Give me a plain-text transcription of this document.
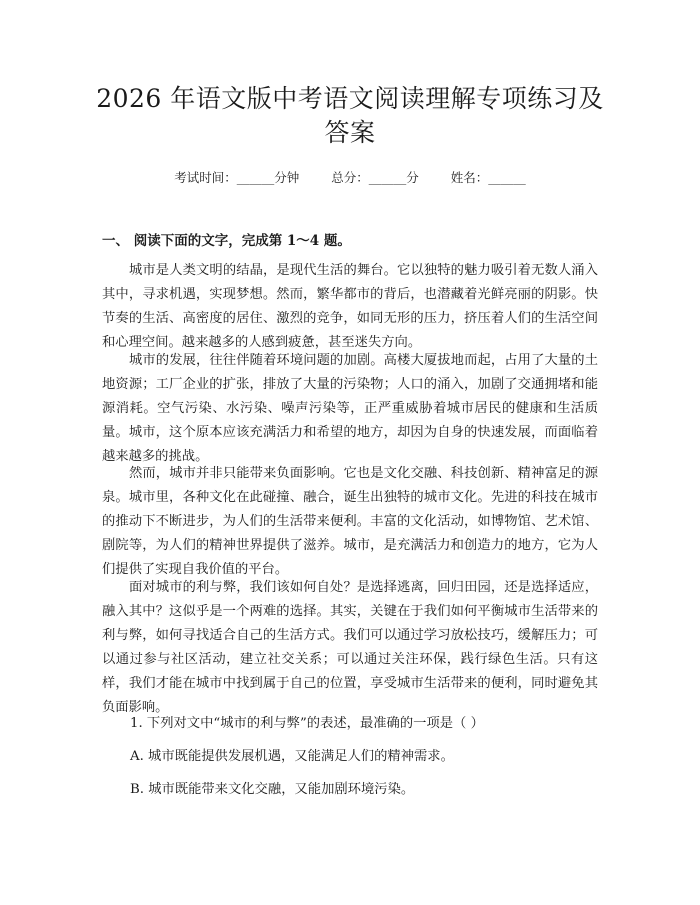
2026 年语文版中考语文阅读理解专项练习及
答案
考试时间：______分钟	总分：______分	姓名：______
一、 阅读下面的文字，完成第 1～4 题。

城市是人类文明的结晶，是现代生活的舞台。它以独特的魅力吸引着无数人涌入其中，寻求机遇，实现梦想。然而，繁华都市的背后，也潜藏着光鲜亮丽的阴影。快节奏的生活、高密度的居住、激烈的竞争，如同无形的压力，挤压着人们的生活空间和心理空间。越来越多的人感到疲惫，甚至迷失方向。

城市的发展，往往伴随着环境问题的加剧。高楼大厦拔地而起，占用了大量的土地资源；工厂企业的扩张，排放了大量的污染物；人口的涌入，加剧了交通拥堵和能源消耗。空气污染、水污染、噪声污染等，正严重威胁着城市居民的健康和生活质量。城市，这个原本应该充满活力和希望的地方，却因为自身的快速发展，而面临着越来越多的挑战。

然而，城市并非只能带来负面影响。它也是文化交融、科技创新、精神富足的源泉。城市里，各种文化在此碰撞、融合，诞生出独特的城市文化。先进的科技在城市的推动下不断进步，为人们的生活带来便利。丰富的文化活动，如博物馆、艺术馆、剧院等，为人们的精神世界提供了滋养。城市，是充满活力和创造力的地方，它为人们提供了实现自我价值的平台。

面对城市的利与弊，我们该如何自处？是选择逃离，回归田园，还是选择适应，融入其中？这似乎是一个两难的选择。其实，关键在于我们如何平衡城市生活带来的利与弊，如何寻找适合自己的生活方式。我们可以通过学习放松技巧，缓解压力；可以通过参与社区活动，建立社交关系；可以通过关注环保，践行绿色生活。只有这样，我们才能在城市中找到属于自己的位置，享受城市生活带来的便利，同时避免其负面影响。

1. 下列对文中“城市的利与弊”的表述，最准确的一项是（ ）

A. 城市既能提供发展机遇，又能满足人们的精神需求。

B. 城市既能带来文化交融，又能加剧环境污染。
